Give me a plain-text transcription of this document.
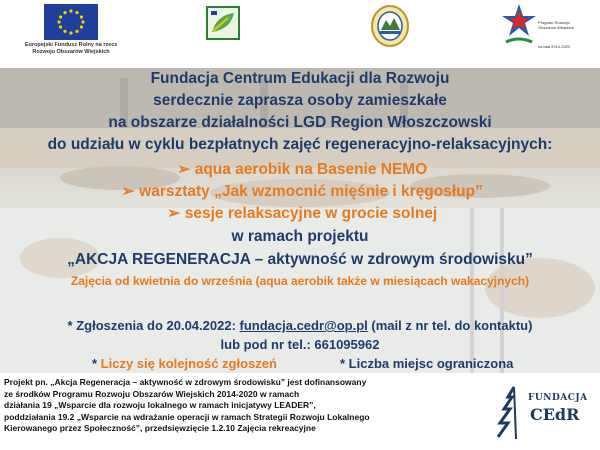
Europejski Fundusz Rolny na rzecz
Rozwoju Obszarów Wiejskich
Program Rozwoju Obszarów Wiejskich
na lata 2014-2020
Fundacja Centrum Edukacji dla Rozwoju
serdecznie zaprasza osoby zamieszkałe
na obszarze działalności LGD Region Włoszczowski
do udziału w cyklu bezpłatnych zajęć regeneracyjno-relaksacyjnych:
➢ aqua aerobik na Basenie NEMO
➢ warsztaty „Jak wzmocnić mięśnie i kręgosłup”
➢ sesje relaksacyjne w grocie solnej
w ramach projektu
„AKCJA REGENERACJA – aktywność w zdrowym środowisku”
Zajęcia od kwietnia do września (aqua aerobik także w miesiącach wakacyjnych)
* Zgłoszenia do 20.04.2022: fundacja.cedr@op.pl (mail z nr tel. do kontaktu)
lub pod nr tel.: 661095962
* Liczy się kolejność zgłoszeń	* Liczba miejsc ograniczona
Projekt pn. „Akcja Regeneracja – aktywność w zdrowym środowisku” jest dofinansowany
ze środków Programu Rozwoju Obszarów Wiejskich 2014-2020 w ramach
działania 19 „Wsparcie dla rozwoju lokalnego w ramach inicjatywy LEADER”,
poddziałania 19.2 „Wsparcie na wdrażanie operacji w ramach Strategii Rozwoju Lokalnego
Kierowanego przez Społeczność”, przedsięwzięcie 1.2.10 Zajęcia rekreacyjne
FUNDACJA
CEdR
